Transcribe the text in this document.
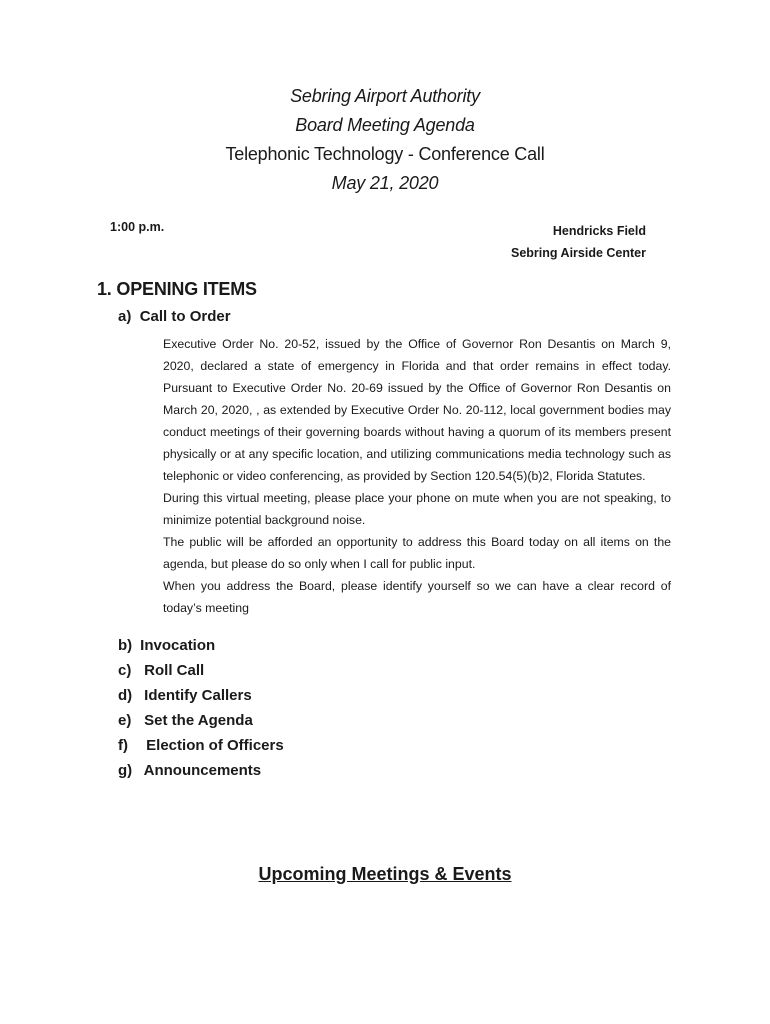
Sebring Airport Authority
Board Meeting Agenda
Telephonic Technology - Conference Call
May 21, 2020
1:00 p.m.	Hendricks Field
Sebring Airside Center
1. OPENING ITEMS
a) Call to Order

Executive Order No. 20-52, issued by the Office of Governor Ron Desantis on March 9, 2020, declared a state of emergency in Florida and that order remains in effect today. Pursuant to Executive Order No. 20-69 issued by the Office of Governor Ron Desantis on March 20, 2020, , as extended by Executive Order No. 20-112, local government bodies may conduct meetings of their governing boards without having a quorum of its members present physically or at any specific location, and utilizing communications media technology such as telephonic or video conferencing, as provided by Section 120.54(5)(b)2, Florida Statutes.

During this virtual meeting, please place your phone on mute when you are not speaking, to minimize potential background noise.

The public will be afforded an opportunity to address this Board today on all items on the agenda, but please do so only when I call for public input.

When you address the Board, please identify yourself so we can have a clear record of today’s meeting

b) Invocation
c) Roll Call
d) Identify Callers
e) Set the Agenda
f) Election of Officers
g) Announcements
Upcoming Meetings & Events
